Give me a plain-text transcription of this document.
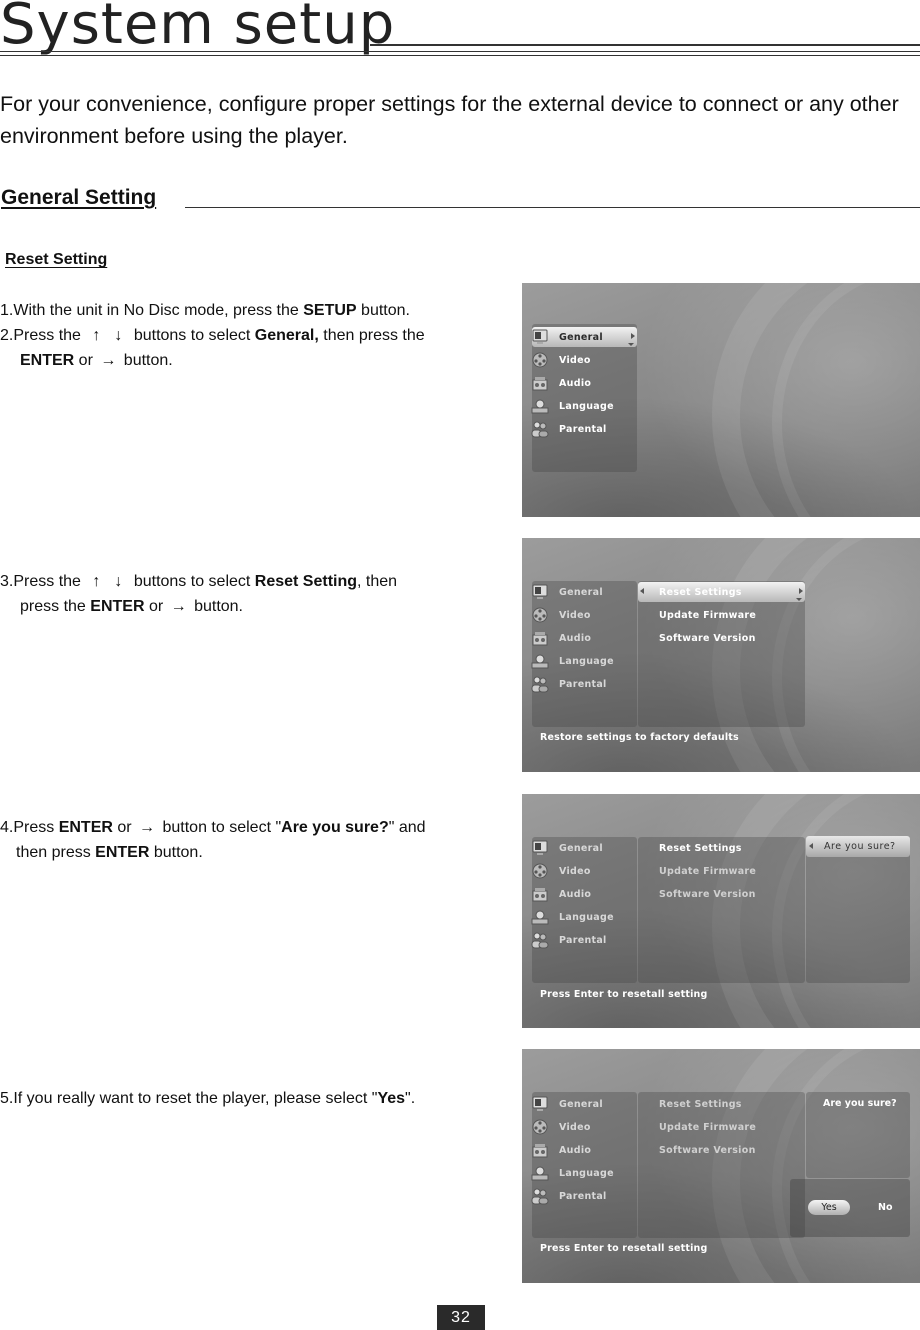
System setup
For your convenience, configure proper settings for the external device to connect or any other environment before using the player.
General Setting
Reset Setting
1.With the unit in No Disc mode, press the SETUP button.
2.Press the ↑ ↓ buttons to select General, then press the
ENTER or → button.
3.Press the ↑ ↓ buttons to select Reset Setting, then
press the ENTER or → button.
4.Press ENTER or → button to select "Are you sure?" and
then press ENTER button.
5.If you really want to reset the player, please select "Yes".
General
Video
Audio
Language
Parental
General
Video
Audio
Language
Parental
Reset Settings
Update Firmware
Software Version
Restore settings to factory defaults
General
Video
Audio
Language
Parental
Reset Settings
Update Firmware
Software Version
Are you sure?
Press Enter to resetall setting
General
Video
Audio
Language
Parental
Reset Settings
Update Firmware
Software Version
Are you sure?
Yes	No
Press Enter to resetall setting
32
